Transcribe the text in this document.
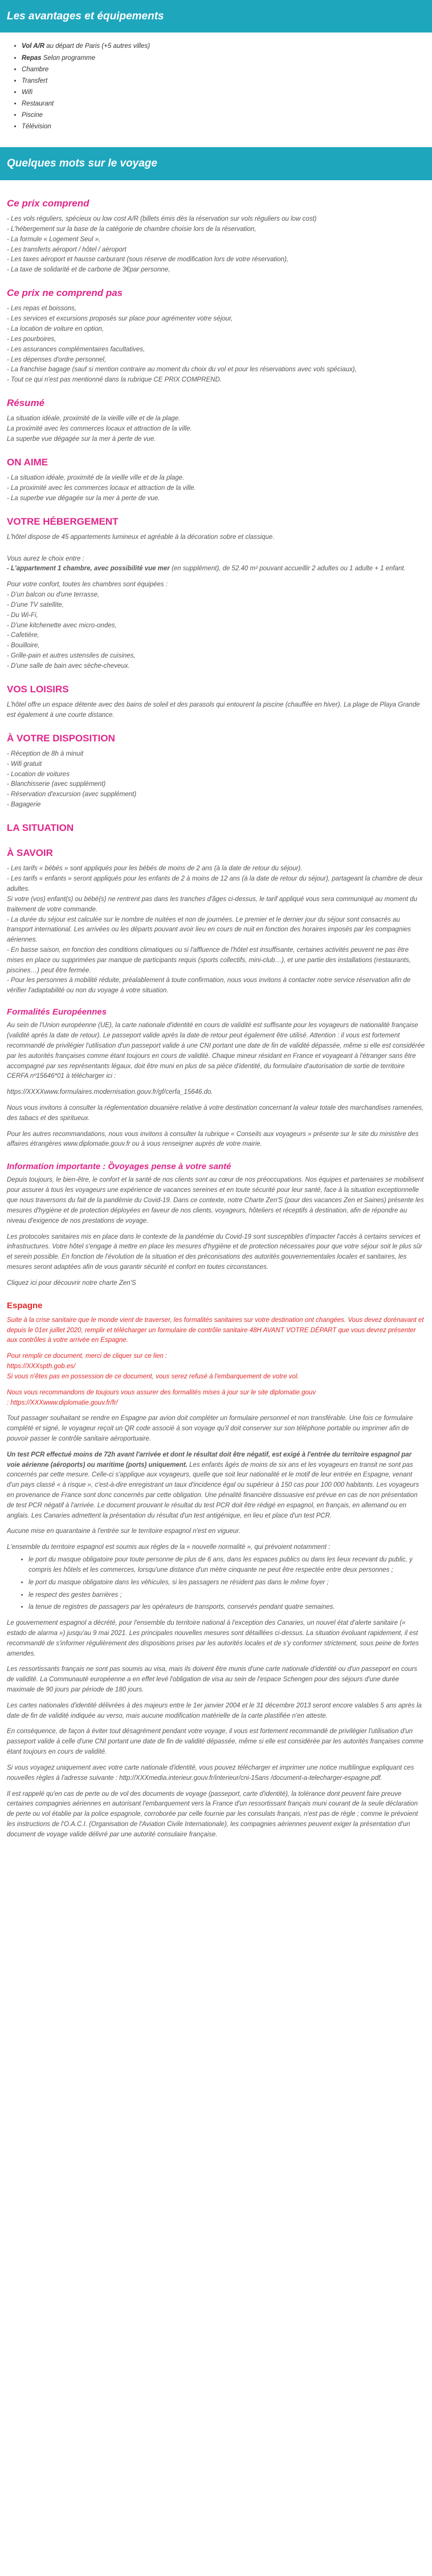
Les avantages et équipements
• Vol A/R au départ de Paris (+5 autres villes)
• Repas Selon programme
• Chambre
• Transfert
• Wifi
• Restaurant
• Piscine
• Télévision
Quelques mots sur le voyage
Ce prix comprend

- Les vols réguliers, spécieux ou low cost A/R (billets émis dès la réservation sur vols réguliers ou low cost)

- L'hébergement sur la base de la catégorie de chambre choisie lors de la réservation,

- La formule « Logement Seul »,

- Les transferts aéroport / hôtel / aéroport

- Les taxes aéroport et hausse carburant (sous réserve de modification lors de votre réservation),

- La taxe de solidarité et de carbone de 3€par personne,

Ce prix ne comprend pas

- Les repas et boissons,

- Les services et excursions proposés sur place pour agrémenter votre séjour,

- La location de voiture en option,

- Les pourboires,

- Les assurances complémentaires facultatives,

- Les dépenses d'ordre personnel,

- La franchise bagage (sauf si mention contraire au moment du choix du vol et pour les réservations avec vols spéciaux),

- Tout ce qui n'est pas mentionné dans la rubrique CE PRIX COMPREND.

Résumé

La situation idéale, proximité de la vieille ville et de la plage.

La proximité avec les commerces locaux et attraction de la ville.

La superbe vue dégagée sur la mer à perte de vue.

ON AIME

- La situation idéale, proximité de la vieille ville et de la plage.

- La proximité avec les commerces locaux et attraction de la ville.

- La superbe vue dégagée sur la mer à perte de vue.

VOTRE HÉBERGEMENT

L'hôtel dispose de 45 appartements lumineux et agréable à la décoration sobre et classique.

Vous aurez le choix entre :

- L'appartement 1 chambre, avec possibilité vue mer (en supplément), de 52.40 m² pouvant accueillir 2 adultes ou 1 adulte + 1 enfant.

Pour votre confort, toutes les chambres sont équipées :

- D'un balcon ou d'une terrasse,

- D'une TV satellite,

- Du Wi-Fi,

- D'une kitchenette avec micro-ondes,

- Cafetière,

- Bouilloire,

- Grille-pain et autres ustensiles de cuisines,

- D'une salle de bain avec sèche-cheveux.

VOS LOISIRS

L'hôtel offre un espace détente avec des bains de soleil et des parasols qui entourent la piscine (chauffée en hiver). La plage de Playa Grande est également à une courte distance.

À VOTRE DISPOSITION

- Réception de 8h à minuit

- Wifi gratuit

- Location de voitures

- Blanchisserie (avec supplément)

- Réservation d'excursion (avec supplément)

- Bagagerie

LA SITUATION
À SAVOIR

- Les tarifs « bébés » sont appliqués pour les bébés de moins de 2 ans (à la date de retour du séjour).

- Les tarifs « enfants » seront appliqués pour les enfants de 2 à moins de 12 ans (à la date de retour du séjour), partageant la chambre de deux adultes.

Si votre (vos) enfant(s) ou bébé(s) ne rentrent pas dans les tranches d'âges ci-dessus, le tarif appliqué vous sera communiqué au moment du traitement de votre commande.

- La durée du séjour est calculée sur le nombre de nuitées et non de journées. Le premier et le dernier jour du séjour sont consacrés au transport international. Les arrivées ou les départs pouvant avoir lieu en cours de nuit en fonction des horaires imposés par les compagnies aériennes.

- En basse saison, en fonction des conditions climatiques ou si l'affluence de l'hôtel est insuffisante, certaines activités peuvent ne pas être mises en place ou supprimées par manque de participants requis (sports collectifs, mini-club…), et une partie des installations (restaurants, piscines…) peut être fermée.

- Pour les personnes à mobilité réduite, préalablement à toute confirmation, nous vous invitons à contacter notre service réservation afin de vérifier l'adaptabilité ou non du voyage à votre situation.

Formalités Européennes

Au sein de l'Union européenne (UE), la carte nationale d'identité en cours de validité est suffisante pour les voyageurs de nationalité française (validité après la date de retour). Le passeport valide après la date de retour peut également être utilisé. Attention : il vous est fortement recommandé de privilégier l'utilisation d'un passeport valide à une CNI portant une date de fin de validité dépassée, même si elle est considérée par les autorités françaises comme étant toujours en cours de validité. Chaque mineur résidant en France et voyageant à l'étranger sans être accompagné par ses représentants légaux, doit être muni en plus de sa pièce d'identité, du formulaire d'autorisation de sortie de territoire CERFA nº15646*01 à télécharger ici :

https://XXXXwww.formulaires.modernisation.gouv.fr/gf/cerfa_15646.do.

Nous vous invitons à consulter la réglementation douanière relative à votre destination concernant la valeur totale des marchandises ramenées, des tabacs et des spiritueux.

Pour les autres recommandations, nous vous invitons à consulter la rubrique « Conseils aux voyageurs » présente sur le site du ministère des affaires étrangères www.diplomatie.gouv.fr ou à vous renseigner auprès de votre mairie.

Information importante : Ȍvoyages pense à votre santé

Depuis toujours, le bien-être, le confort et la santé de nos clients sont au cœur de nos préoccupations. Nos équipes et partenaires se mobilisent pour assurer à tous les voyageurs une expérience de vacances sereines et en toute sécurité pour leur santé, face à la situation exceptionnelle que nous traversons du fait de la pandémie du Covid-19. Dans ce contexte, notre Charte Zen'S (pour des vacances Zen et Saines) présente les mesures d'hygiène et de protection déployées en faveur de nos clients, voyageurs, hôteliers et réceptifs à destination, afin de répondre au niveau d'exigence de nos prestations de voyage.

Les protocoles sanitaires mis en place dans le contexte de la pandémie du Covid-19 sont susceptibles d'impacter l'accès à certains services et infrastructures. Votre hôtel s'engage à mettre en place les mesures d'hygiène et de protection nécessaires pour que votre séjour soit le plus sûr et serein possible. En fonction de l'évolution de la situation et des préconisations des autorités gouvernementales locales et sanitaires, les mesures seront adaptées afin de vous garantir sécurité et confort en toutes circonstances.

Cliquez ici pour découvrir notre charte Zen'S

Espagne

Suite à la crise sanitaire que le monde vient de traverser, les formalités sanitaires sur votre destination ont changées. Vous devez dorénavant et depuis le 01er juillet 2020, remplir et télécharger un formulaire de contrôle sanitaire 48H AVANT VOTRE DÉPART que vous devrez présenter aux contrôles à votre arrivée en Espagne.

Pour remplir ce document, merci de cliquer sur ce lien :

https://XXXspth.gob.es/

Si vous n'êtes pas en possession de ce document, vous serez refusé à l'embarquement de votre vol.

Nous vous recommandons de toujours vous assurer des formalités mises à jour sur le site diplomatie.gouv

: https://XXXwww.diplomatie.gouv.fr/fr/

Tout passager souhaitant se rendre en Espagne par avion doit compléter un formulaire personnel et non transférable. Une fois ce formulaire complété et signé, le voyageur reçoit un QR code associé à son voyage qu'il doit conserver sur son téléphone portable ou imprimer afin de pouvoir passer le contrôle sanitaire aéroportuaire.

Un test PCR effectué moins de 72h avant l'arrivée et dont le résultat doit être négatif, est exigé à l'entrée du territoire espagnol par voie aérienne (aéroports) ou maritime (ports) uniquement. Les enfants âgés de moins de six ans et les voyageurs en transit ne sont pas concernés par cette mesure. Celle-ci s'applique aux voyageurs, quelle que soit leur nationalité et le motif de leur entrée en Espagne, venant d'un pays classé « à risque », c'est-à-dire enregistrant un taux d'incidence égal ou supérieur à 150 cas pour 100 000 habitants. Les voyageurs en provenance de France sont donc concernés par cette obligation. Une pénalité financière dissuasive est prévue en cas de non présentation de test PCR négatif à l'arrivée. Le document prouvant le résultat du test PCR doit être rédigé en espagnol, en français, en allemand ou en anglais. Les Canaries admettent la présentation du résultat d'un test antigénique, en lieu et place d'un test PCR.

Aucune mise en quarantaine à l'entrée sur le territoire espagnol n'est en vigueur.

L'ensemble du territoire espagnol est soumis aux règles de la « nouvelle normalité », qui prévoient notamment :

• le port du masque obligatoire pour toute personne de plus de 6 ans, dans les espaces publics ou dans les lieux recevant du public, y compris les hôtels et les commerces, lorsqu'une distance d'un mètre cinquante ne peut être respectée entre deux personnes ;
• le port du masque obligatoire dans les véhicules, si les passagers ne résident pas dans le même foyer ;
• le respect des gestes barrières ;
• la tenue de registres de passagers par les opérateurs de transports, conservés pendant quatre semaines.

Le gouvernement espagnol a décrété, pour l'ensemble du territoire national à l'exception des Canaries, un nouvel état d'alerte sanitaire (« estado de alarma ») jusqu'au 9 mai 2021. Les principales nouvelles mesures sont détaillées ci-dessus. La situation évoluant rapidement, il est recommandé de s'informer régulièrement des dispositions prises par les autorités locales et de s'y conformer strictement, sous peine de fortes amendes.

Les ressortissants français ne sont pas soumis au visa, mais ils doivent être munis d'une carte nationale d'identité ou d'un passeport en cours de validité. La Communauté européenne a en effet levé l'obligation de visa au sein de l'espace Schengen pour des séjours d'une durée maximale de 90 jours par période de 180 jours.

Les cartes nationales d'identité délivrées à des majeurs entre le 1er janvier 2004 et le 31 décembre 2013 seront encore valables 5 ans après la date de fin de validité indiquée au verso, mais aucune modification matérielle de la carte plastifiée n'en atteste.

En conséquence, de façon à éviter tout désagrément pendant votre voyage, il vous est fortement recommandé de privilégier l'utilisation d'un passeport valide à celle d'une CNI portant une date de fin de validité dépassée, même si elle est considérée par les autorités françaises comme étant toujours en cours de validité.

Si vous voyagez uniquement avec votre carte nationale d'identité, vous pouvez télécharger et imprimer une notice multilingue expliquant ces nouvelles règles à l'adresse suivante : http://XXXmedia.interieur.gouv.fr/interieur/cni-15ans /document-a-telecharger-espagne.pdf.

Il est rappelé qu'en cas de perte ou de vol des documents de voyage (passeport, carte d'identité), la tolérance dont peuvent faire preuve certaines compagnies aériennes en autorisant l'embarquement vers la France d'un ressortissant français muni courant de la seule déclaration de perte ou vol établie par la police espagnole, corroborée par celle fournie par les consulats français, n'est pas de règle ; comme le prévoient les instructions de l'O.A.C.I. (Organisation de l'Aviation Civile Internationale), les compagnies aériennes peuvent exiger la présentation d'un document de voyage valide délivré par une autorité consulaire française.
